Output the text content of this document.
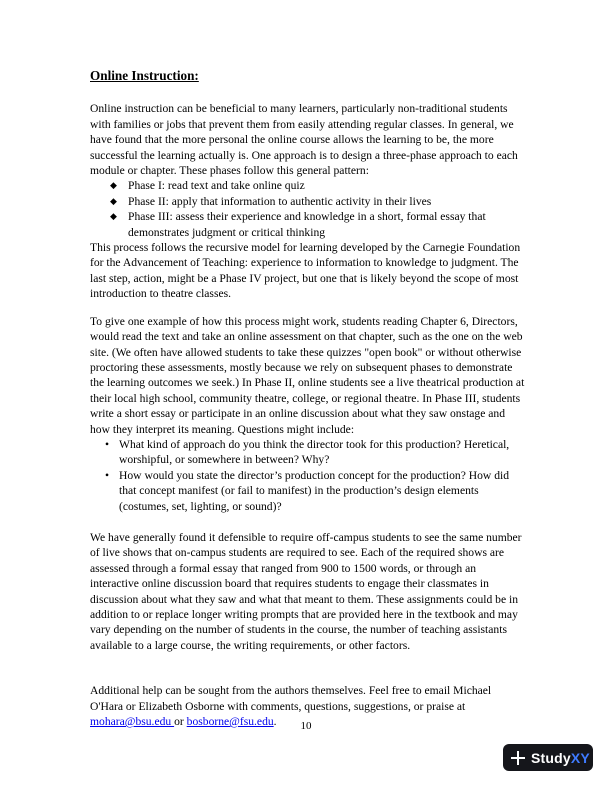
Online Instruction:

Online instruction can be beneficial to many learners, particularly non-traditional students with families or jobs that prevent them from easily attending regular classes. In general, we have found that the more personal the online course allows the learning to be, the more successful the learning actually is. One approach is to design a three-phase approach to each module or chapter. These phases follow this general pattern:

◆ Phase I: read text and take online quiz
◆ Phase II: apply that information to authentic activity in their lives
◆ Phase III: assess their experience and knowledge in a short, formal essay that demonstrates judgment or critical thinking

This process follows the recursive model for learning developed by the Carnegie Foundation for the Advancement of Teaching: experience to information to knowledge to judgment. The last step, action, might be a Phase IV project, but one that is likely beyond the scope of most introduction to theatre classes.

To give one example of how this process might work, students reading Chapter 6, Directors, would read the text and take an online assessment on that chapter, such as the one on the web site. (We often have allowed students to take these quizzes "open book" or without otherwise proctoring these assessments, mostly because we rely on subsequent phases to demonstrate the learning outcomes we seek.) In Phase II, online students see a live theatrical production at their local high school, community theatre, college, or regional theatre. In Phase III, students write a short essay or participate in an online discussion about what they saw onstage and how they interpret its meaning. Questions might include:

• What kind of approach do you think the director took for this production? Heretical, worshipful, or somewhere in between? Why?
• How would you state the director’s production concept for the production? How did that concept manifest (or fail to manifest) in the production’s design elements (costumes, set, lighting, or sound)?

We have generally found it defensible to require off-campus students to see the same number of live shows that on-campus students are required to see. Each of the required shows are assessed through a formal essay that ranged from 900 to 1500 words, or through an interactive online discussion board that requires students to engage their classmates in discussion about what they saw and what that meant to them. These assignments could be in addition to or replace longer writing prompts that are provided here in the textbook and may vary depending on the number of students in the course, the number of teaching assistants available to a large course, the writing requirements, or other factors.

Additional help can be sought from the authors themselves. Feel free to email Michael O'Hara or Elizabeth Osborne with comments, questions, suggestions, or praise at
mohara@bsu.edu or bosborne@fsu.edu.	10
StudyXY
